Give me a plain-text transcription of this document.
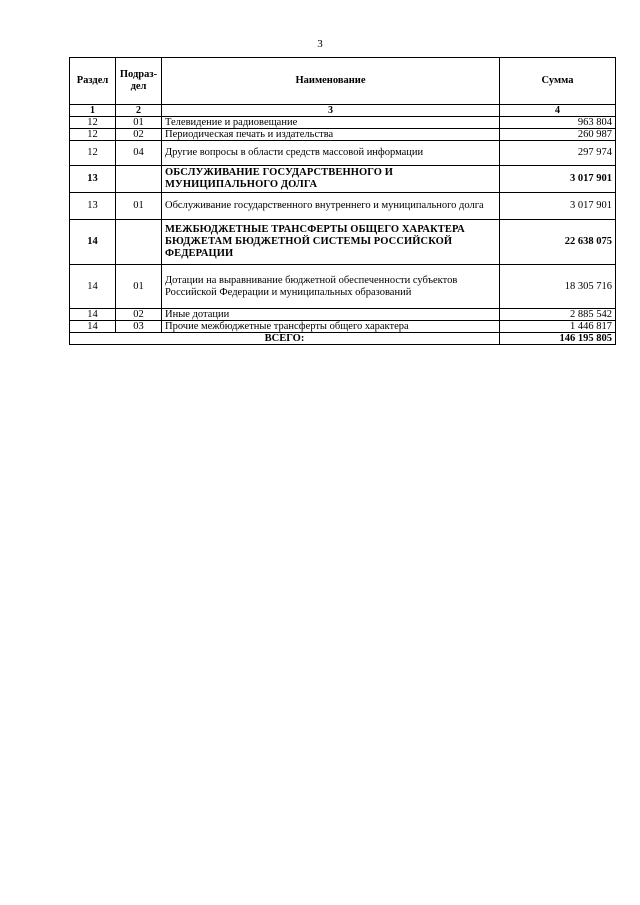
3
Раздел	Подраз-дел	Наименование	Сумма
1	2	3	4
12	01	Телевидение и радиовещание	963 804
12	02	Периодическая печать и издательства	260 987
12	04	Другие вопросы в области средств массовой информации	297 974
13		ОБСЛУЖИВАНИЕ ГОСУДАРСТВЕННОГО И МУНИЦИПАЛЬНОГО ДОЛГА	3 017 901
13	01	Обслуживание государственного внутреннего и муниципального долга	3 017 901
14		МЕЖБЮДЖЕТНЫЕ ТРАНСФЕРТЫ ОБЩЕГО ХАРАКТЕРА БЮДЖЕТАМ БЮДЖЕТНОЙ СИСТЕМЫ РОССИЙСКОЙ ФЕДЕРАЦИИ	22 638 075
14	01	Дотации на выравнивание бюджетной обеспеченности субъектов Российской Федерации и муниципальных образований	18 305 716
14	02	Иные дотации	2 885 542
14	03	Прочие межбюджетные трансферты общего характера	1 446 817
ВСЕГО:			146 195 805
